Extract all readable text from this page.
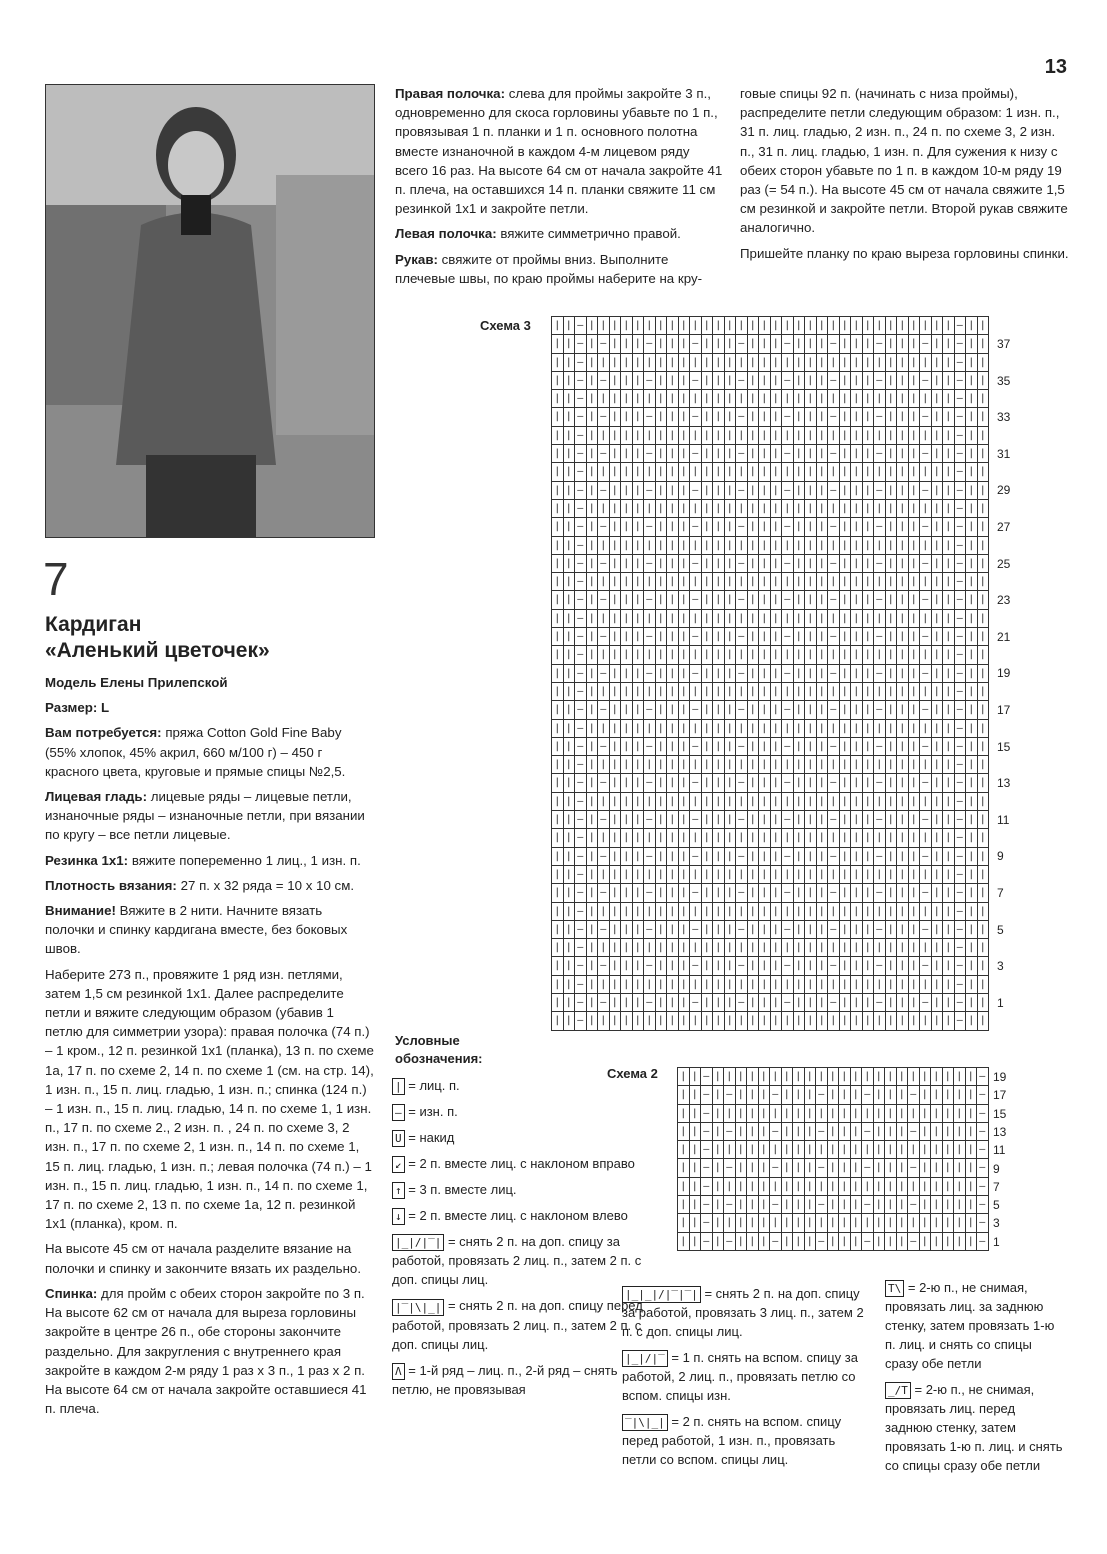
13
7
Кардиган
«Аленький цветочек»

Модель Елены Прилепской

Размер: L

Вам потребуется: пряжа Cotton Gold Fine Baby (55% хлопок, 45% акрил, 660 м/100 г) – 450 г красного цвета, круговые и прямые спицы №2,5.

Лицевая гладь: лицевые ряды – лицевые петли, изнаночные ряды – изнаночные петли, при вязании по кругу – все петли лицевые.

Резинка 1х1: вяжите попеременно 1 лиц., 1 изн. п.

Плотность вязания: 27 п. х 32 ряда = 10 х 10 см.

Внимание! Вяжите в 2 нити. Начните вязать полочки и спинку кардигана вместе, без боковых швов.

Наберите 273 п., провяжите 1 ряд изн. петлями, затем 1,5 см резинкой 1х1. Далее распределите петли и вяжите следующим образом (убавив 1 петлю для симметрии узора): правая полочка (74 п.) – 1 кром., 12 п. резинкой 1х1 (планка), 13 п. по схеме 1а, 17 п. по схеме 2, 14 п. по схеме 1 (см. на стр. 14), 1 изн. п., 15 п. лиц. гладью, 1 изн. п.; спинка (124 п.) – 1 изн. п., 15 п. лиц. гладью, 14 п. по схеме 1, 1 изн. п., 17 п. по схеме 2., 2 изн. п. , 24 п. по схеме 3, 2 изн. п., 17 п. по схеме 2, 1 изн. п., 14 п. по схеме 1, 15 п. лиц. гладью, 1 изн. п.; левая полочка (74 п.) – 1 изн. п., 15 п. лиц. гладью, 1 изн. п., 14 п. по схеме 1, 17 п. по схеме 2, 13 п. по схеме 1а, 12 п. резинкой 1х1 (планка), кром. п.

На высоте 45 см от начала разделите вязание на полочки и спинку и закончите вязать их раздельно.

Спинка: для пройм с обеих сторон закройте по 3 п. На высоте 62 см от начала для выреза горловины закройте в центре 26 п., обе стороны закончите раздельно. Для закругления с внутреннего края закройте в каждом 2-м ряду 1 раз х 3 п., 1 раз х 2 п. На высоте 64 см от начала закройте оставшиеся 41 п. плеча.

Правая полочка: слева для проймы закройте 3 п., одновременно для скоса горловины убавьте по 1 п., провязывая 1 п. планки и 1 п. основного полотна вместе изнаночной в каждом 4-м лицевом ряду всего 16 раз. На высоте 64 см от начала закройте 41 п. плеча, на оставшихся 14 п. планки свяжите 11 см резинкой 1х1 и закройте петли.

Левая полочка: вяжите симметрично правой.

Рукав: свяжите от проймы вниз. Выполните плечевые швы, по краю проймы наберите на кру-

говые спицы 92 п. (начинать с низа проймы), распределите петли следующим образом: 1 изн. п., 31 п. лиц. гладью, 2 изн. п., 24 п. по схеме 3, 2 изн. п., 31 п. лиц. гладью, 1 изн. п. Для сужения к низу с обеих сторон убавьте по 1 п. в каждом 10-м ряду 19 раз (= 54 п.). На высоте 45 см от начала свяжите 1,5 см резинкой и закройте петли. Второй рукав свяжите аналогично.

Пришейте планку по краю выреза горловины спинки.

Схема 3 | | — | | | | | | | | | | | | | | | | | | | | | | | | | | | | | | | | — | |
| | — | — | | | — | | | — | | | — | | | — | | | — | | | — | | | — | | — | |
| | — | | | | | | | | | | | | | | | | | | | | | | | | | | | | | | | | — | |
| | — | — | | | — | | | — | | | — | | | — | | | — | | | — | | | — | | — | |
| | — | | | | | | | | | | | | | | | | | | | | | | | | | | | | | | | | — | |
| | — | — | | | — | | | — | | | — | | | — | | | — | | | — | | | — | | — | |
| | — | | | | | | | | | | | | | | | | | | | | | | | | | | | | | | | | — | |
| | — | — | | | — | | | — | | | — | | | — | | | — | | | — | | | — | | — | |
| | — | | | | | | | | | | | | | | | | | | | | | | | | | | | | | | | | — | |
| | — | — | | | — | | | — | | | — | | | — | | | — | | | — | | | — | | — | |
| | — | | | | | | | | | | | | | | | | | | | | | | | | | | | | | | | | — | |
| | — | — | | | — | | | — | | | — | | | — | | | — | | | — | | | — | | — | |
| | — | | | | | | | | | | | | | | | | | | | | | | | | | | | | | | | | — | |
| | — | — | | | — | | | — | | | — | | | — | | | — | | | — | | | — | | — | |
| | — | | | | | | | | | | | | | | | | | | | | | | | | | | | | | | | | — | |
| | — | — | | | — | | | — | | | — | | | — | | | — | | | — | | | — | | — | |
| | — | | | | | | | | | | | | | | | | | | | | | | | | | | | | | | | | — | |
| | — | — | | | — | | | — | | | — | | | — | | | — | | | — | | | — | | — | |
| | — | | | | | | | | | | | | | | | | | | | | | | | | | | | | | | | | — | |
| | — | — | | | — | | | — | | | — | | | — | | | — | | | — | | | — | | — | |
| | — | | | | | | | | | | | | | | | | | | | | | | | | | | | | | | | | — | |
| | — | — | | | — | | | — | | | — | | | — | | | — | | | — | | | — | | — | |
| | — | | | | | | | | | | | | | | | | | | | | | | | | | | | | | | | | — | |
| | — | — | | | — | | | — | | | — | | | — | | | — | | | — | | | — | | — | |
| | — | | | | | | | | | | | | | | | | | | | | | | | | | | | | | | | | — | |
| | — | — | | | — | | | — | | | — | | | — | | | — | | | — | | | — | | — | |
| | — | | | | | | | | | | | | | | | | | | | | | | | | | | | | | | | | — | |
| | — | — | | | — | | | — | | | — | | | — | | | — | | | — | | | — | | — | |
| | — | | | | | | | | | | | | | | | | | | | | | | | | | | | | | | | | — | |
| | — | — | | | — | | | — | | | — | | | — | | | — | | | — | | | — | | — | |
| | — | | | | | | | | | | | | | | | | | | | | | | | | | | | | | | | | — | |
| | — | — | | | — | | | — | | | — | | | — | | | — | | | — | | | — | | — | |
| | — | | | | | | | | | | | | | | | | | | | | | | | | | | | | | | | | — | |
| | — | — | | | — | | | — | | | — | | | — | | | — | | | — | | | — | | — | |
| | — | | | | | | | | | | | | | | | | | | | | | | | | | | | | | | | | — | |
| | — | — | | | — | | | — | | | — | | | — | | | — | | | — | | | — | | — | |
| | — | | | | | | | | | | | | | | | | | | | | | | | | | | | | | | | | — | |
| | — | — | | | — | | | — | | | — | | | — | | | — | | | — | | | — | | — | |
| | — | | | | | | | | | | | | | | | | | | | | | | | | | | | | | | | | — | |
37
35
33
31
29
27
25
23
21
19
17
15
13
11
9
7
5
3
1
Схема 2 | | — | | | | | | | | | | | | | | | | | | | | | | | —
| | — | — | | | — | | | — | | | — | | | — | | | | | —
| | — | | | | | | | | | | | | | | | | | | | | | | | —
| | — | — | | | — | | | — | | | — | | | — | | | | | —
| | — | | | | | | | | | | | | | | | | | | | | | | | —
| | — | — | | | — | | | — | | | — | | | — | | | | | —
| | — | | | | | | | | | | | | | | | | | | | | | | | —
| | — | — | | | — | | | — | | | — | | | — | | | | | —
| | — | | | | | | | | | | | | | | | | | | | | | | | —
| | — | — | | | — | | | — | | | — | | | — | | | | | —
19
17
15
13
11
9
7
5
3
1
Условные обозначения:
| = лиц. п.
— = изн. п.
U = накид
↙ = 2 п. вместе лиц. с наклоном вправо
↑ = 3 п. вместе лиц.
↓ = 2 п. вместе лиц. с наклоном влево
|_|/|‾| = снять 2 п. на доп. спицу за работой, провязать 2 лиц. п., затем 2 п. с доп. спицы лиц.
|‾|\|_| = снять 2 п. на доп. спицу перед работой, провязать 2 лиц. п., затем 2 п. с доп. спицы лиц.
Λ = 1-й ряд – лиц. п., 2-й ряд – снять петлю, не провязывая
|_|_|/|‾|‾| = снять 2 п. на доп. спицу за работой, провязать 3 лиц. п., затем 2 п. с доп. спицы лиц.
|_|/|‾ = 1 п. снять на вспом. спицу за работой, 2 лиц. п., провязать петлю со вспом. спицы изн.
‾|\|_| = 2 п. снять на вспом. спицу перед работой, 1 изн. п., провязать петли со вспом. спицы лиц.
T\ = 2-ю п., не снимая, провязать лиц. за заднюю стенку, затем провязать 1-ю п. лиц. и снять со спицы сразу обе петли
_/T = 2-ю п., не снимая, провязать лиц. перед заднюю стенку, затем провязать 1-ю п. лиц. и снять со спицы сразу обе петли
